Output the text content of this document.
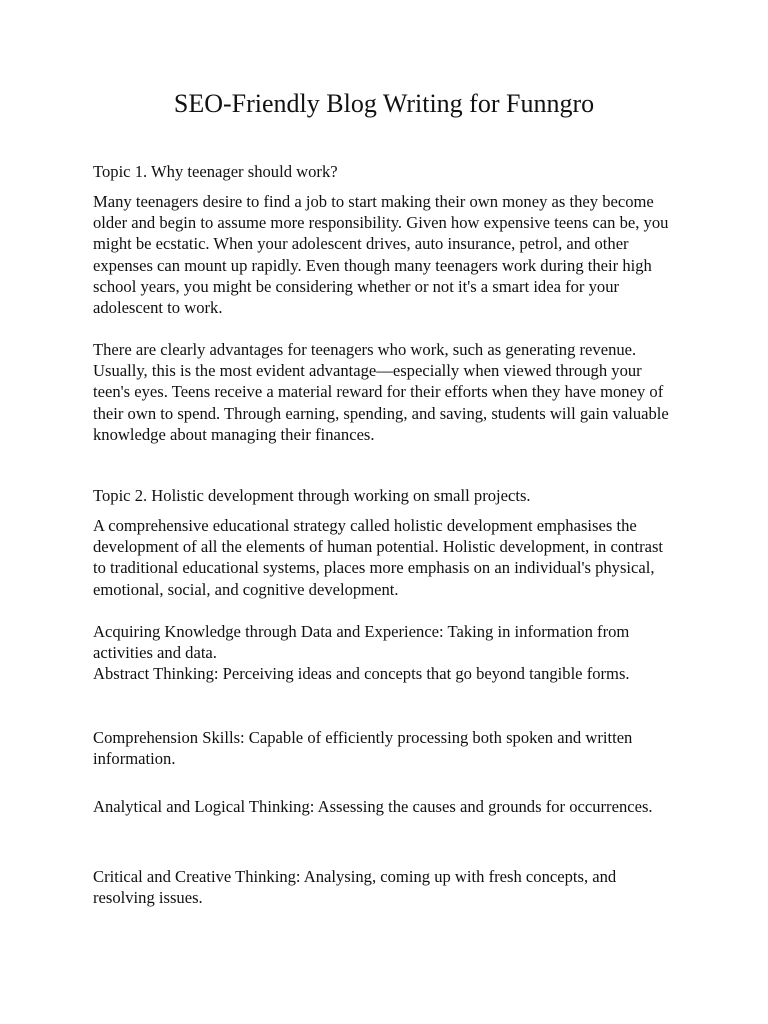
SEO-Friendly Blog Writing for Funngro
Topic 1. Why teenager should work?

Many teenagers desire to find a job to start making their own money as they become older and begin to assume more responsibility. Given how expensive teens can be, you might be ecstatic. When your adolescent drives, auto insurance, petrol, and other expenses can mount up rapidly. Even though many teenagers work during their high school years, you might be considering whether or not it's a smart idea for your adolescent to work.

There are clearly advantages for teenagers who work, such as generating revenue. Usually, this is the most evident advantage—especially when viewed through your teen's eyes. Teens receive a material reward for their efforts when they have money of their own to spend. Through earning, spending, and saving, students will gain valuable knowledge about managing their finances.

Topic 2. Holistic development through working on small projects.

A comprehensive educational strategy called holistic development emphasises the development of all the elements of human potential. Holistic development, in contrast to traditional educational systems, places more emphasis on an individual's physical, emotional, social, and cognitive development.

Acquiring Knowledge through Data and Experience: Taking in information from activities and data.

Abstract Thinking: Perceiving ideas and concepts that go beyond tangible forms.

Comprehension Skills: Capable of efficiently processing both spoken and written information.

Analytical and Logical Thinking: Assessing the causes and grounds for occurrences.

Critical and Creative Thinking: Analysing, coming up with fresh concepts, and resolving issues.
